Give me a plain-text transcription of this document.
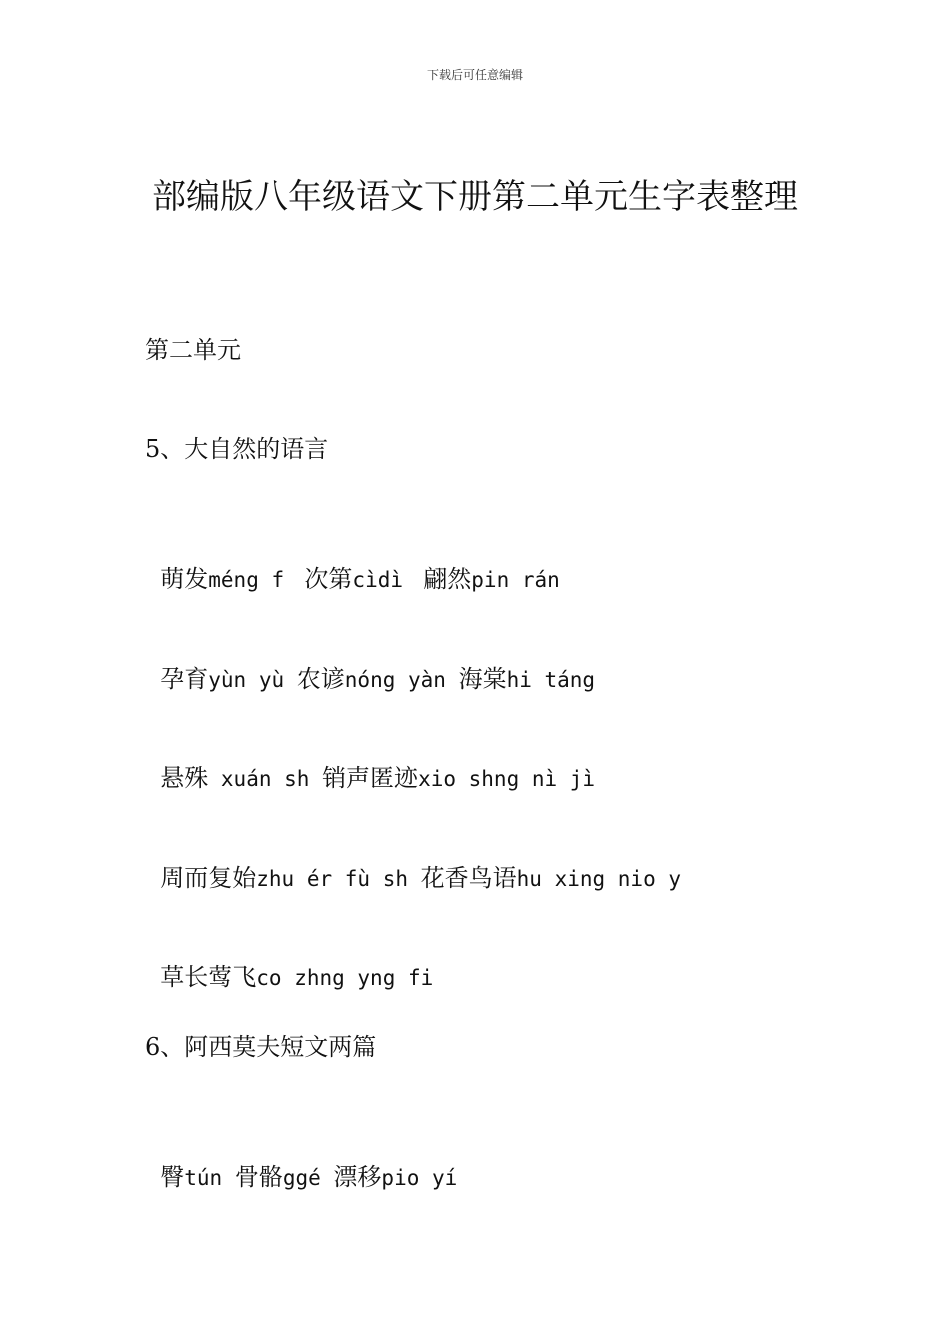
下载后可任意编辑
部编版八年级语文下册第二单元生字表整理
第二单元
5、大自然的语言

萌发méng f  次第cìdì  翩然pin rán

孕育yùn yù 农谚nóng yàn 海棠hi táng

悬殊 xuán sh 销声匿迹xio shng nì jì

周而复始zhu ér fù sh 花香鸟语hu xing nio y

草长莺飞co zhng yng fi

6、阿西莫夫短文两篇

臀tún 骨骼ggé 漂移pio yí
